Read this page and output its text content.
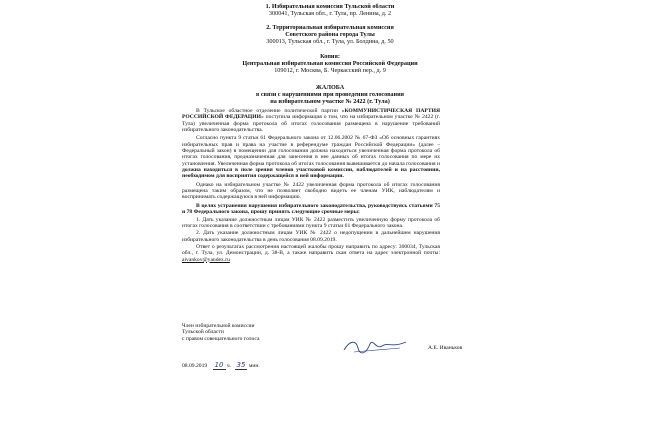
1. Избирательная комиссия Тульской области
300041, Тульская обл., г. Тула, пр. Ленина, д. 2
2. Территориальная избирательная комиссия
Советского района города Тулы
300013, Тульская обл., г. Тула, ул. Болдина, д. 50
Копия:
Центральная избирательная комиссия Российской Федерации
109012, г. Москва, Б. Черкасский пер., д. 9
ЖАЛОБА
в связи с нарушениями при проведении голосования
на избирательном участке № 2422 (г. Тула)

В Тульское областное отделение политической партии «КОММУНИСТИЧЕСКАЯ ПАРТИЯ РОССИЙСКОЙ ФЕДЕРАЦИИ» поступила информация о том, что на избирательном участке № 2422 (г. Тула) увеличенная форма протокола об итогах голосования размещена в нарушение требований избирательного законодательства.

Согласно пункта 9 статьи 61 Федерального закона от 12.06.2002 № 67-ФЗ «Об основных гарантиях избирательных прав и права на участие в референдуме граждан Российской Федерации» (далее – Федеральный закон) в помещении для голосования должна находиться увеличенная форма протокола об итогах голосования, предназначенная для занесения в нее данных об итогах голосования по мере их установления. Увеличенная форма протокола об итогах голосования вывешивается до начала голосования и должна находиться в поле зрения членов участковой комиссии, наблюдателей и на расстоянии, необходимом для восприятия содержащейся в ней информации.

Однако на избирательном участке № 2422 увеличенная форма протокола об итогах голосования размещена таким образом, что не позволяет свободно видеть ее членам УИК, наблюдателям и воспринимать содержащуюся в ней информацию.

В целях устранения нарушения избирательного законодательства, руководствуясь статьями 75 и 78 Федерального закона, прошу принять следующие срочные меры:

1. Дать указание должностным лицам УИК № 2422 разместить увеличенную форму протокола об итогах голосования в соответствии с требованиями пункта 9 статьи 61 Федерального закона.

2. Дать указание должностным лицам УИК № 2422 о недопущении в дальнейшем нарушения избирательного законодательства в день голосования 08.09.2019.

Ответ о результатах рассмотрения настоящей жалобы прошу направить по адресу: 300034, Тульская обл., г. Тула, ул. Демонстрации, д. 38-В, а также направить скан ответа на адрес электронной почты: aivankov@yandex.ru

Член избирательной комиссии
Тульской области
с правом совещательного голоса
А.Е. Иваньков
08.09.2019 10 ч. 35 мин.
